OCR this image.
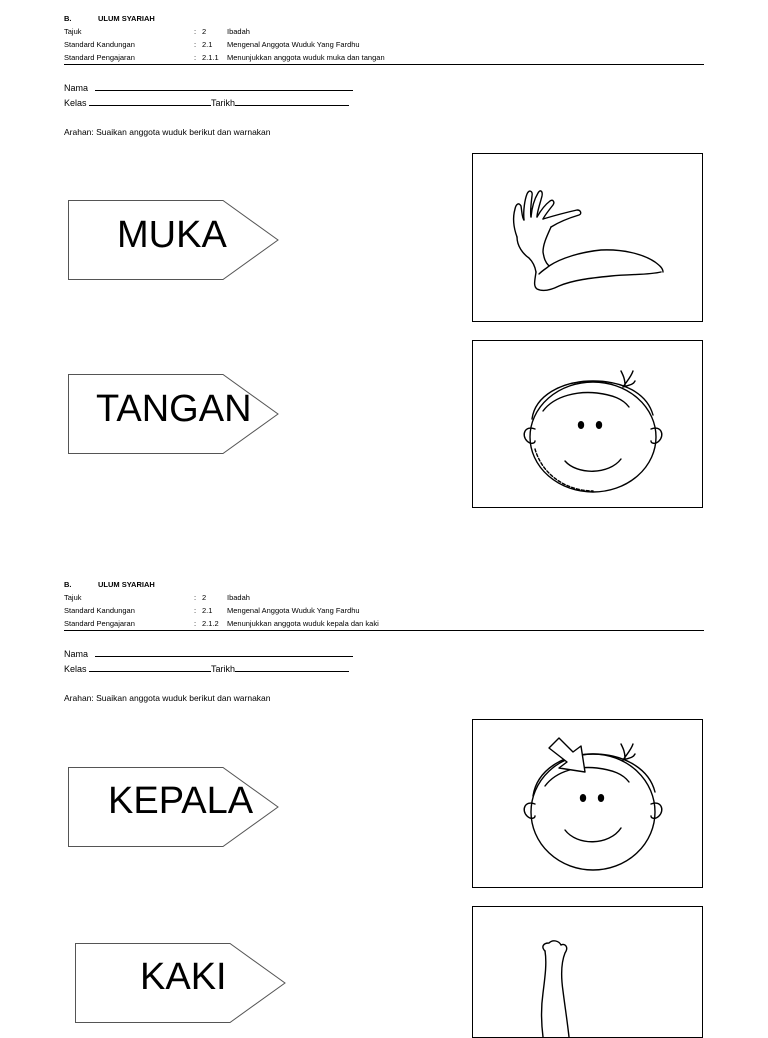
B.	ULUM SYARIAH
Tajuk	: 2	Ibadah
Standard Kandungan	: 2.1 Mengenal Anggota Wuduk Yang Fardhu
Standard Pengajaran	: 2.1.1 Menunjukkan anggota wuduk muka dan tangan
Nama
Kelas	Tarikh
Arahan: Suaikan anggota wuduk berikut dan warnakan
MUKA
TANGAN
B.	ULUM SYARIAH
Tajuk	: 2	Ibadah
Standard Kandungan	: 2.1 Mengenal Anggota Wuduk Yang Fardhu
Standard Pengajaran	: 2.1.2 Menunjukkan anggota wuduk kepala dan kaki
Nama
Kelas	Tarikh
Arahan: Suaikan anggota wuduk berikut dan warnakan
KEPALA
KAKI
